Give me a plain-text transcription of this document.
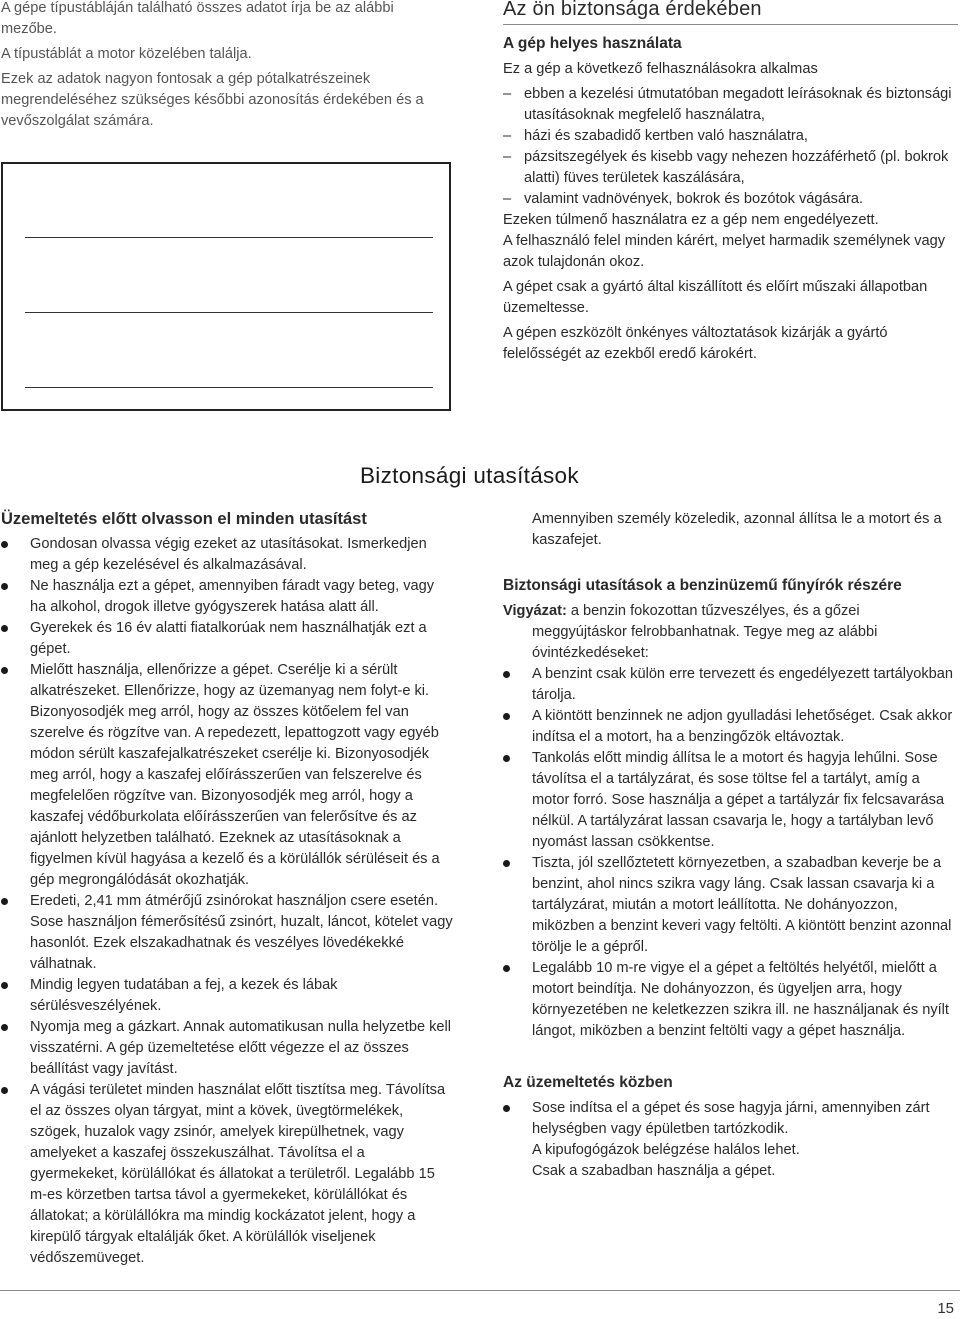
A gépe típustábláján található összes adatot írja be az alábbi mezőbe.

A típustáblát a motor közelében találja.

Ezek az adatok nagyon fontosak a gép pótalkatrészeinek megrendeléséhez szükséges későbbi azonosítás érdekében és a vevőszolgálat számára.

Az ön biztonsága érdekében
A gép helyes használata

Ez a gép a következő felhasználásokra alkalmas

– ebben a kezelési útmutatóban megadott leírásoknak és biztonsági utasításoknak megfelelő használatra,
– házi és szabadidő kertben való használatra,
– pázsitszegélyek és kisebb vagy nehezen hozzáférhető (pl. bokrok alatti) füves területek kaszálására,
– valamint vadnövények, bokrok és bozótok vágására.

Ezeken túlmenő használatra ez a gép nem engedélyezett.

A felhasználó felel minden kárért, melyet harmadik személynek vagy azok tulajdonán okoz.

A gépet csak a gyártó által kiszállított és előírt műszaki állapotban üzemeltesse.

A gépen eszközölt önkényes változtatások kizárják a gyártó felelősségét az ezekből eredő károkért.

Biztonsági utasítások
Üzemeltetés előtt olvasson el minden utasítást
Gondosan olvassa végig ezeket az utasításokat. Ismerkedjen meg a gép kezelésével és alkalmazásával.
Ne használja ezt a gépet, amennyiben fáradt vagy beteg, vagy ha alkohol, drogok illetve gyógyszerek hatása alatt áll.
Gyerekek és 16 év alatti fiatalkorúak nem használhatják ezt a gépet.
Mielőtt használja, ellenőrizze a gépet. Cserélje ki a sérült alkatrészeket. Ellenőrizze, hogy az üzemanyag nem folyt-e ki. Bizonyosodjék meg arról, hogy az összes kötőelem fel van szerelve és rögzítve van. A repedezett, lepattogzott vagy egyéb módon sérült kaszafejalkatrészeket cserélje ki. Bizonyosodjék meg arról, hogy a kaszafej előírásszerűen van felszerelve és megfelelően rögzítve van. Bizonyosodjék meg arról, hogy a kaszafej védőburkolata előírásszerűen van felerősítve és az ajánlott helyzetben található. Ezeknek az utasításoknak a figyelmen kívül hagyása a kezelő és a körülállók sérüléseit és a gép megrongálódását okozhatják.
Eredeti, 2,41 mm átmérőjű zsinórokat használjon csere esetén. Sose használjon fémerősítésű zsinórt, huzalt, láncot, kötelet vagy hasonlót. Ezek elszakadhatnak és veszélyes lövedékekké válhatnak.
Mindig legyen tudatában a fej, a kezek és lábak sérülésveszélyének.
Nyomja meg a gázkart. Annak automatikusan nulla helyzetbe kell visszatérni. A gép üzemeltetése előtt végezze el az összes beállítást vagy javítást.
A vágási területet minden használat előtt tisztítsa meg. Távolítsa el az összes olyan tárgyat, mint a kövek, üvegtörmelékek, szögek, huzalok vagy zsinór, amelyek kirepülhetnek, vagy amelyeket a kaszafej összekuszálhat. Távolítsa el a gyermekeket, körülállókat és állatokat a területről. Legalább 15 m-es körzetben tartsa távol a gyermekeket, körülállókat és állatokat; a körülállókra ma mindig kockázatot jelent, hogy a kirepülő tárgyak eltalálják őket. A körülállók viseljenek védőszemüveget.

Amennyiben személy közeledik, azonnal állítsa le a motort és a kaszafejet.

Biztonsági utasítások a benzinüzemű fűnyírók részére

Vigyázat: a benzin fokozottan tűzveszélyes, és a gőzei meggyújtáskor felrobbanhatnak. Tegye meg az alábbi óvintézkedéseket:

A benzint csak külön erre tervezett és engedélyezett tartályokban tárolja.
A kiöntött benzinnek ne adjon gyulladási lehetőséget. Csak akkor indítsa el a motort, ha a benzingőzök eltávoztak.
Tankolás előtt mindig állítsa le a motort és hagyja lehűlni. Sose távolítsa el a tartályzárat, és sose töltse fel a tartályt, amíg a motor forró. Sose használja a gépet a tartályzár fix felcsavarása nélkül. A tartályzárat lassan csavarja le, hogy a tartályban levő nyomást lassan csökkentse.
Tiszta, jól szellőztetett környezetben, a szabadban keverje be a benzint, ahol nincs szikra vagy láng. Csak lassan csavarja ki a tartályzárat, miután a motort leállította. Ne dohányozzon, miközben a benzint keveri vagy feltölti. A kiöntött benzint azonnal törölje le a gépről.
Legalább 10 m-re vigye el a gépet a feltöltés helyétől, mielőtt a motort beindítja. Ne dohányozzon, és ügyeljen arra, hogy környezetében ne keletkezzen szikra ill. ne használjanak és nyílt lángot, miközben a benzint feltölti vagy a gépet használja.
Az üzemeltetés közben
Sose indítsa el a gépet és sose hagyja járni, amennyiben zárt helységben vagy épületben tartózkodik.

A kipufogógázok belégzése halálos lehet.

Csak a szabadban használja a gépet.

15
